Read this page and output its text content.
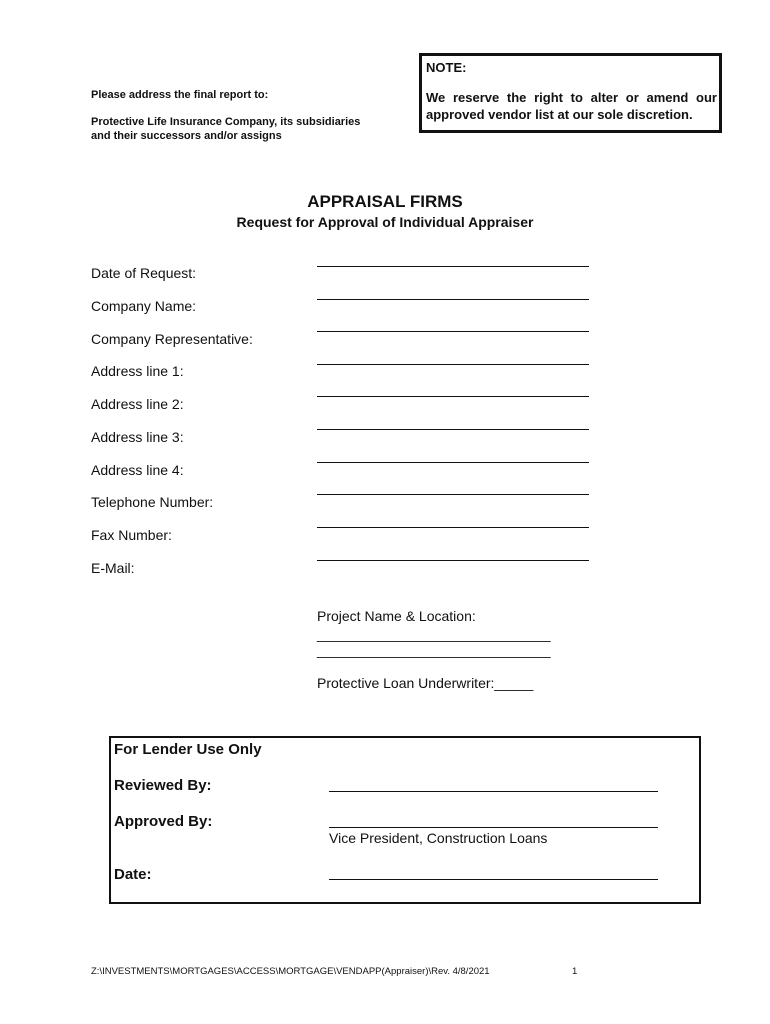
Please address the final report to:
Protective Life Insurance Company, its subsidiaries
and their successors and/or assigns
NOTE:
We reserve the right to alter or amend our approved vendor list at our sole discretion.
APPRAISAL FIRMS
Request for Approval of Individual Appraiser
Date of Request:
Company Name:
Company Representative:
Address line 1:
Address line 2:
Address line 3:
Address line 4:
Telephone Number:
Fax Number:
E-Mail:
Project Name & Location:
______________________________
______________________________
Protective Loan Underwriter:_____
For Lender Use Only
Reviewed By:
Approved By:
Vice President, Construction Loans
Date:
Z:\INVESTMENTS\MORTGAGES\ACCESS\MORTGAGE\VENDAPP(Appraiser)\Rev. 4/8/2021	1
